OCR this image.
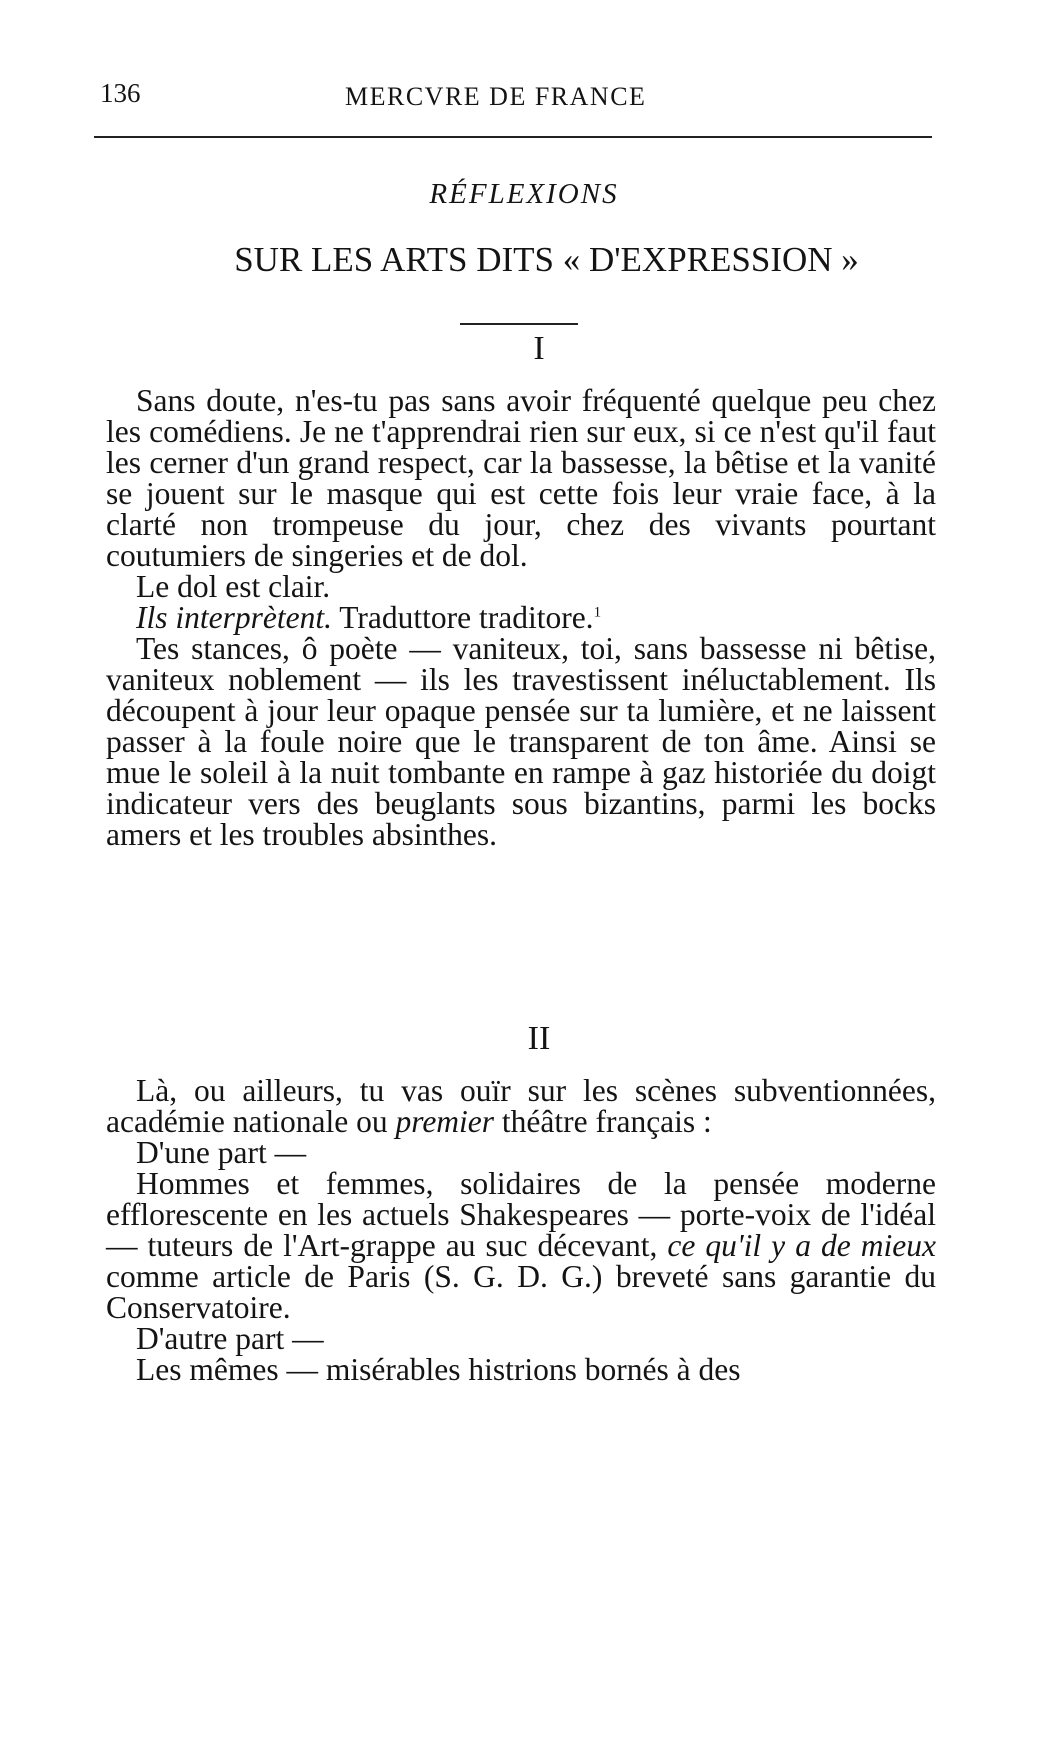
136	MERCVRE DE FRANCE
RÉFLEXIONS
SUR LES ARTS DITS « D'EXPRESSION »
I

Sans doute, n'es-tu pas sans avoir fréquenté quelque peu chez les comédiens. Je ne t'apprendrai rien sur eux, si ce n'est qu'il faut les cerner d'un grand respect, car la bassesse, la bêtise et la vanité se jouent sur le masque qui est cette fois leur vraie face, à la clarté non trompeuse du jour, chez des vivants pourtant coutumiers de singeries et de dol.

Le dol est clair.

Ils interprètent. Traduttore traditore.$^1$

Tes stances, ô poète — vaniteux, toi, sans bassesse ni bêtise, vaniteux noblement — ils les travestissent inéluctablement. Ils découpent à jour leur opaque pensée sur ta lumière, et ne laissent passer à la foule noire que le transparent de ton âme. Ainsi se mue le soleil à la nuit tombante en rampe à gaz historiée du doigt indicateur vers des beuglants sous bizantins, parmi les bocks amers et les troubles absinthes.

II

Là, ou ailleurs, tu vas ouïr sur les scènes subventionnées, académie nationale ou premier théâtre français :

D'une part —

Hommes et femmes, solidaires de la pensée moderne efflorescente en les actuels Shakespeares — porte-voix de l'idéal — tuteurs de l'Art-grappe au suc décevant, ce qu'il y a de mieux comme article de Paris (S. G. D. G.) breveté sans garantie du Conservatoire.

D'autre part —

Les mêmes — misérables histrions bornés à des
